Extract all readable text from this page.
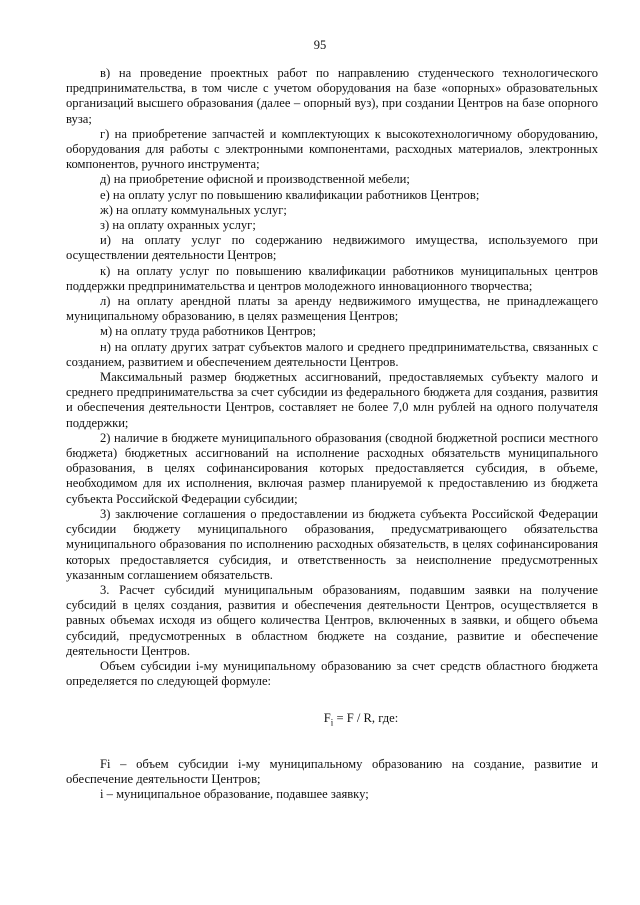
95

в) на проведение проектных работ по направлению студенческого технологического предпринимательства, в том числе с учетом оборудования на базе «опорных» образовательных организаций высшего образования (далее – опорный вуз), при создании Центров на базе опорного вуза;

г) на приобретение запчастей и комплектующих к высокотехнологичному оборудованию, оборудования для работы с электронными компонентами, расходных материалов, электронных компонентов, ручного инструмента;

д) на приобретение офисной и производственной мебели;

е) на оплату услуг по повышению квалификации работников Центров;

ж) на оплату коммунальных услуг;

з) на оплату охранных услуг;

и) на оплату услуг по содержанию недвижимого имущества, используемого при осуществлении деятельности Центров;

к) на оплату услуг по повышению квалификации работников муниципальных центров поддержки предпринимательства и центров молодежного инновационного творчества;

л) на оплату арендной платы за аренду недвижимого имущества, не принадлежащего муниципальному образованию, в целях размещения Центров;

м) на оплату труда работников Центров;

н) на оплату других затрат субъектов малого и среднего предпринимательства, связанных с созданием, развитием и обеспечением деятельности Центров.

Максимальный размер бюджетных ассигнований, предоставляемых субъекту малого и среднего предпринимательства за счет субсидии из федерального бюджета для создания, развития и обеспечения деятельности Центров, составляет не более 7,0 млн рублей на одного получателя поддержки;

2) наличие в бюджете муниципального образования (сводной бюджетной росписи местного бюджета) бюджетных ассигнований на исполнение расходных обязательств муниципального образования, в целях софинансирования которых предоставляется субсидия, в объеме, необходимом для их исполнения, включая размер планируемой к предоставлению из бюджета субъекта Российской Федерации субсидии;

3) заключение соглашения о предоставлении из бюджета субъекта Российской Федерации субсидии бюджету муниципального образования, предусматривающего обязательства муниципального образования по исполнению расходных обязательств, в целях софинансирования которых предоставляется субсидия, и ответственность за неисполнение предусмотренных указанным соглашением обязательств.

3. Расчет субсидий муниципальным образованиям, подавшим заявки на получение субсидий в целях создания, развития и обеспечения деятельности Центров, осуществляется в равных объемах исходя из общего количества Центров, включенных в заявки, и общего объема субсидий, предусмотренных в областном бюджете на создание, развитие и обеспечение деятельности Центров.

Объем субсидии i-му муниципальному образованию за счет средств областного бюджета определяется по следующей формуле:

$F_i = F / R$, где:

Fi – объем субсидии i-му муниципальному образованию на создание, развитие и обеспечение деятельности Центров;

i – муниципальное образование, подавшее заявку;
